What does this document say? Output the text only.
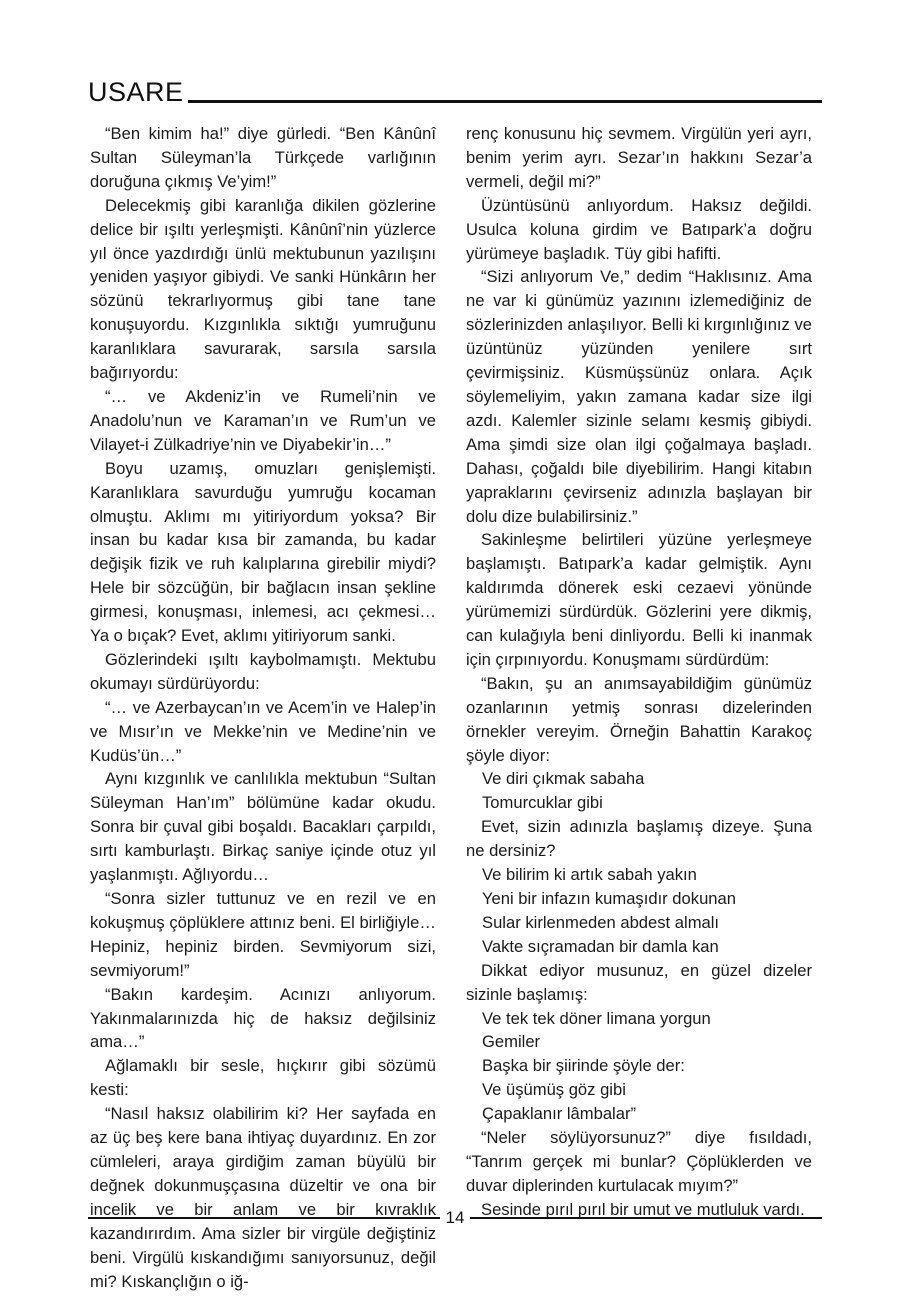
USARE

“Ben kimim ha!” diye gürledi. “Ben Kânûnî Sultan Süleyman’la Türkçede varlığının doruğuna çıkmış Ve’yim!”

Delecekmiş gibi karanlığa dikilen gözlerine delice bir ışıltı yerleşmişti. Kânûnî’nin yüzlerce yıl önce yazdırdığı ünlü mektubunun yazılışını yeniden yaşıyor gibiydi. Ve sanki Hünkârın her sözünü tekrarlıyormuş gibi tane tane konuşuyordu. Kızgınlıkla sıktığı yumruğunu karanlıklara savurarak, sarsıla sarsıla bağırıyordu:

“… ve Akdeniz’in ve Rumeli’nin ve Anadolu’nun ve Karaman’ın ve Rum’un ve Vilayet-i Zülkadriye’nin ve Diyabekir’in…”

Boyu uzamış, omuzları genişlemişti. Karanlıklara savurduğu yumruğu kocaman olmuştu. Aklımı mı yitiriyordum yoksa? Bir insan bu kadar kısa bir zamanda, bu kadar değişik fizik ve ruh kalıplarına girebilir miydi? Hele bir sözcüğün, bir bağlacın insan şekline girmesi, konuşması, inlemesi, acı çekmesi… Ya o bıçak? Evet, aklımı yitiriyorum sanki.

Gözlerindeki ışıltı kaybolmamıştı. Mektubu okumayı sürdürüyordu:

“… ve Azerbaycan’ın ve Acem’in ve Halep’in ve Mısır’ın ve Mekke’nin ve Medine’nin ve Kudüs’ün…”

Aynı kızgınlık ve canlılıkla mektubun “Sultan Süleyman Han’ım” bölümüne kadar okudu. Sonra bir çuval gibi boşaldı. Bacakları çarpıldı, sırtı kamburlaştı. Birkaç saniye içinde otuz yıl yaşlanmıştı. Ağlıyordu…

“Sonra sizler tuttunuz ve en rezil ve en kokuşmuş çöplüklere attınız beni. El birliğiyle… Hepiniz, hepiniz birden. Sevmiyorum sizi, sevmiyorum!”

“Bakın kardeşim. Acınızı anlıyorum. Yakınmalarınızda hiç de haksız değilsiniz ama…”

Ağlamaklı bir sesle, hıçkırır gibi sözümü kesti:

“Nasıl haksız olabilirim ki? Her sayfada en az üç beş kere bana ihtiyaç duyardınız. En zor cümleleri, araya girdiğim zaman büyülü bir değnek dokunmuşçasına düzeltir ve ona bir incelik ve bir anlam ve bir kıvraklık kazandırırdım. Ama sizler bir virgüle değiştiniz beni. Virgülü kıskandığımı sanıyorsunuz, değil mi? Kıskançlığın o iğ-

renç konusunu hiç sevmem. Virgülün yeri ayrı, benim yerim ayrı. Sezar’ın hakkını Sezar’a vermeli, değil mi?”

Üzüntüsünü anlıyordum. Haksız değildi. Usulca koluna girdim ve Batıpark’a doğru yürümeye başladık. Tüy gibi hafifti.

“Sizi anlıyorum Ve,” dedim “Haklısınız. Ama ne var ki günümüz yazınını izlemediğiniz de sözlerinizden anlaşılıyor. Belli ki kırgınlığınız ve üzüntünüz yüzünden yenilere sırt çevirmişsiniz. Küsmüşsünüz onlara. Açık söylemeliyim, yakın zamana kadar size ilgi azdı. Kalemler sizinle selamı kesmiş gibiydi. Ama şimdi size olan ilgi çoğalmaya başladı. Dahası, çoğaldı bile diyebilirim. Hangi kitabın yapraklarını çevirseniz adınızla başlayan bir dolu dize bulabilirsiniz.”

Sakinleşme belirtileri yüzüne yerleşmeye başlamıştı. Batıpark’a kadar gelmiştik. Aynı kaldırımda dönerek eski cezaevi yönünde yürümemizi sürdürdük. Gözlerini yere dikmiş, can kulağıyla beni dinliyordu. Belli ki inanmak için çırpınıyordu. Konuşmamı sürdürdüm:

“Bakın, şu an anımsayabildiğim günümüz ozanlarının yetmiş sonrası dizelerinden örnekler vereyim. Örneğin Bahattin Karakoç şöyle diyor:

Ve diri çıkmak sabaha

Tomurcuklar gibi

Evet, sizin adınızla başlamış dizeye. Şuna ne dersiniz?

Ve bilirim ki artık sabah yakın

Yeni bir infazın kumaşıdır dokunan

Sular kirlenmeden abdest almalı

Vakte sıçramadan bir damla kan

Dikkat ediyor musunuz, en güzel dizeler sizinle başlamış:

Ve tek tek döner limana yorgun

Gemiler

Başka bir şiirinde şöyle der:

Ve üşümüş göz gibi

Çapaklanır lâmbalar”

“Neler söylüyorsunuz?” diye fısıldadı, “Tanrım gerçek mi bunlar? Çöplüklerden ve duvar diplerinden kurtulacak mıyım?”

Sesinde pırıl pırıl bir umut ve mutluluk vardı.

14
